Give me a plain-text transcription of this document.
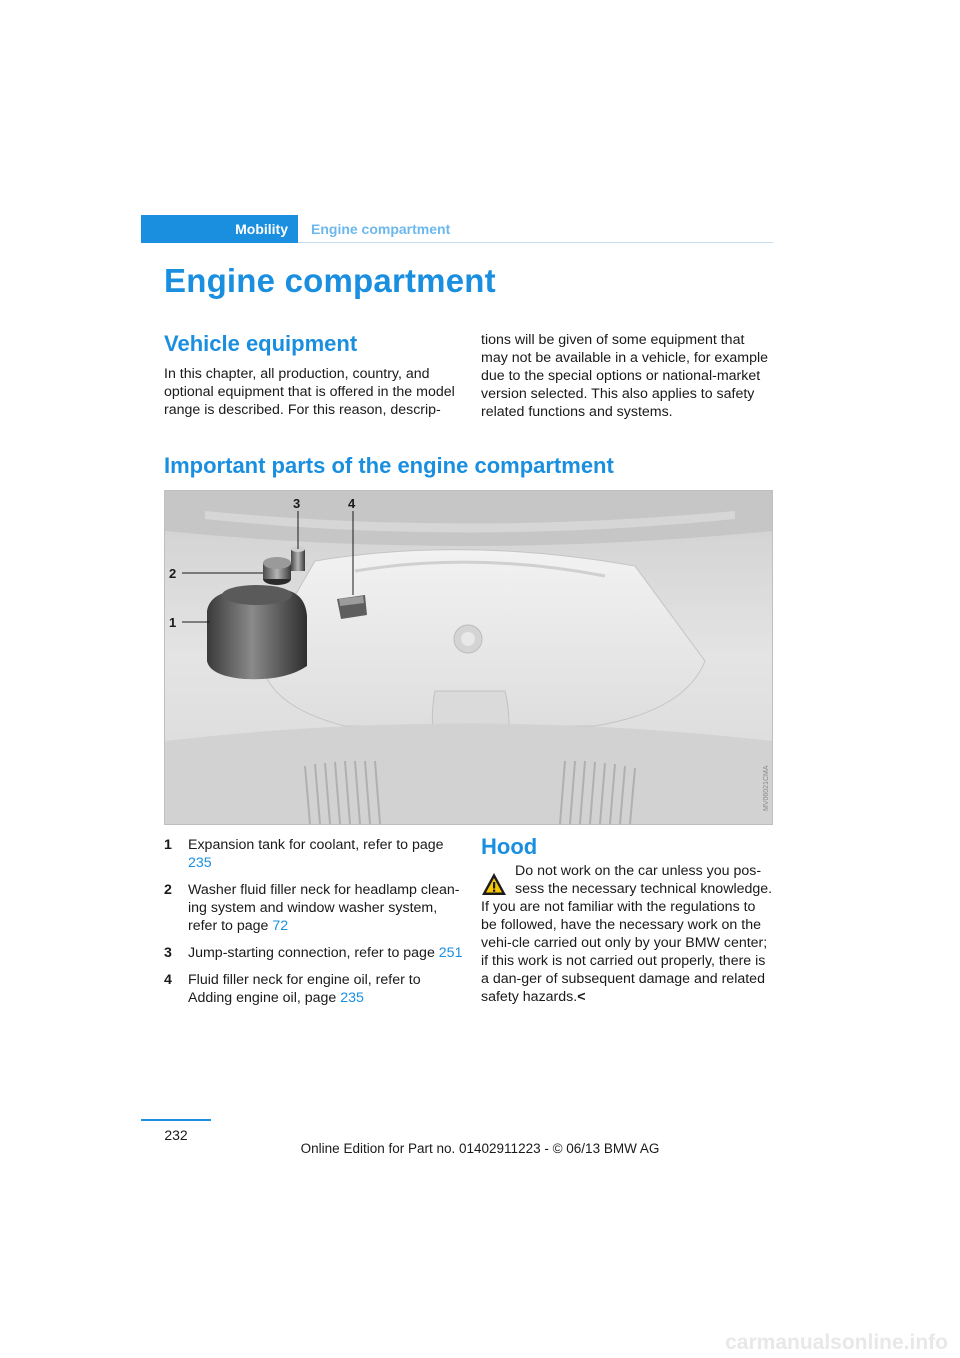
Mobility	Engine compartment
Engine compartment
Vehicle equipment
In this chapter, all production, country, and optional equipment that is offered in the model range is described. For this reason, descrip-
tions will be given of some equipment that may not be available in a vehicle, for example due to the special options or national-market version selected. This also applies to safety related functions and systems.
Important parts of the engine compartment
1
2
3	4
MV06021CMA
1 Expansion tank for coolant, refer to page 235
2 Washer fluid filler neck for headlamp clean-ing system and window washer system, refer to page 72
3 Jump-starting connection, refer to page 251
4 Fluid filler neck for engine oil, refer to Adding engine oil, page 235
Hood
Do not work on the car unless you pos-sess the necessary technical knowledge. If you are not familiar with the regulations to be followed, have the necessary work on the vehi-cle carried out only by your BMW center; if this work is not carried out properly, there is a dan-ger of subsequent damage and related safety hazards.<
232
Online Edition for Part no. 01402911223 - © 06/13 BMW AG
carmanualsonline.info
